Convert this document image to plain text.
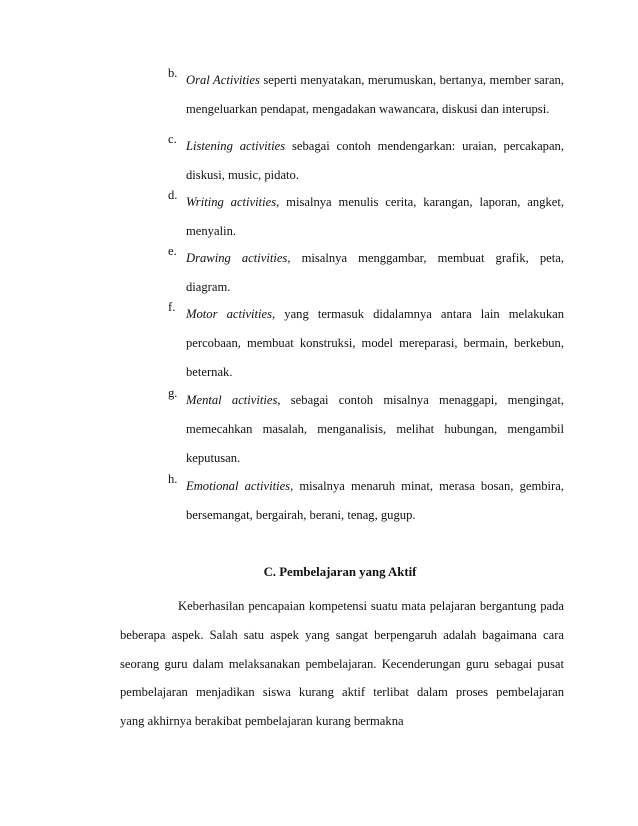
b. Oral Activities seperti menyatakan, merumuskan, bertanya, member saran,
mengeluarkan pendapat, mengadakan wawancara, diskusi dan interupsi.
c. Listening activities sebagai contoh mendengarkan: uraian, percakapan,
diskusi, music, pidato.
d. Writing activities, misalnya menulis cerita, karangan, laporan, angket,
menyalin.
e. Drawing activities, misalnya menggambar, membuat grafik, peta,
diagram.
f. Motor activities, yang termasuk didalamnya antara lain melakukan
percobaan, membuat konstruksi, model mereparasi, bermain, berkebun,
beternak.
g. Mental activities, sebagai contoh misalnya menaggapi, mengingat,
memecahkan masalah, menganalisis, melihat hubungan, mengambil
keputusan.
h. Emotional activities, misalnya menaruh minat, merasa bosan, gembira,
bersemangat, bergairah, berani, tenag, gugup.
C. Pembelajaran yang Aktif
Keberhasilan pencapaian kompetensi suatu mata pelajaran bergantung pada
beberapa aspek. Salah satu aspek yang sangat berpengaruh adalah bagaimana cara
seorang guru dalam melaksanakan pembelajaran. Kecenderungan guru sebagai pusat
pembelajaran menjadikan siswa kurang aktif terlibat dalam proses pembelajaran
yang akhirnya berakibat pembelajaran kurang bermakna
